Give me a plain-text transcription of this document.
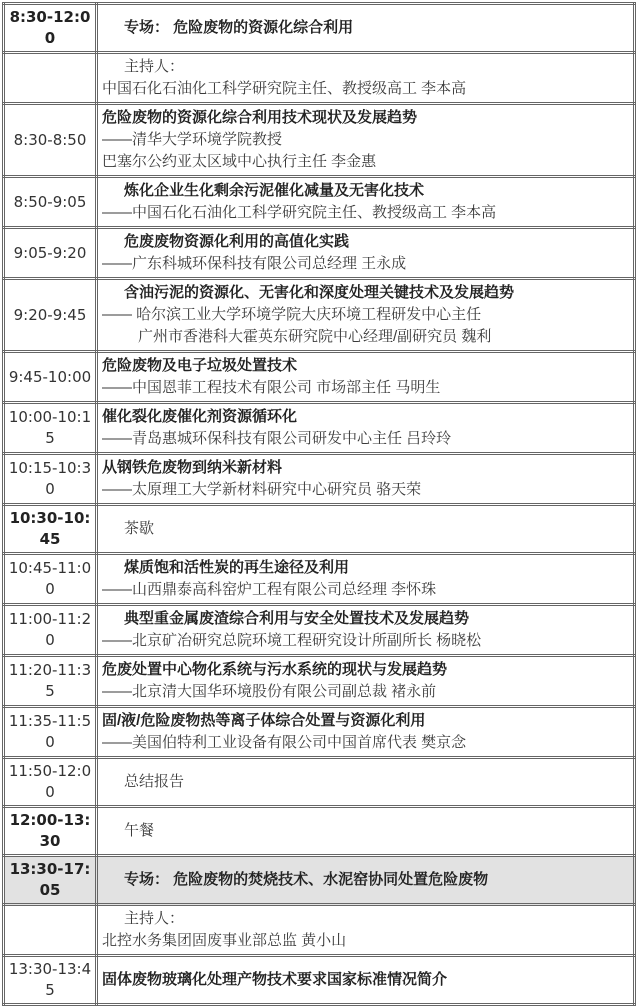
8:30-12:00	专场： 危险废物的资源化综合利用

	主持人：
中国石化石油化工科学研究院主任、教授级高工 李本高

8:30-8:50	危险废物的资源化综合利用技术现状及发展趋势
——清华大学环境学院教授
巴塞尔公约亚太区域中心执行主任 李金惠

8:50-9:05	炼化企业生化剩余污泥催化减量及无害化技术
——中国石化石油化工科学研究院主任、教授级高工 李本高

9:05-9:20	危废废物资源化利用的高值化实践
——广东科城环保科技有限公司总经理 王永成

9:20-9:45	含油污泥的资源化、无害化和深度处理关键技术及发展趋势
—— 哈尔滨工业大学环境学院大庆环境工程研发中心主任
广州市香港科大霍英东研究院中心经理/副研究员 魏利

9:45-10:00	危险废物及电子垃圾处置技术
——中国恩菲工程技术有限公司 市场部主任 马明生

10:00-10:15	催化裂化废催化剂资源循环化
——青岛惠城环保科技有限公司研发中心主任 吕玲玲

10:15-10:30	从钢铁危废物到纳米新材料
——太原理工大学新材料研究中心研究员 骆天荣

10:30-10:45	茶歇

10:45-11:00	煤质饱和活性炭的再生途径及利用
——山西鼎泰高科窑炉工程有限公司总经理 李怀珠

11:00-11:20	典型重金属废渣综合利用与安全处置技术及发展趋势
——北京矿冶研究总院环境工程研究设计所副所长 杨晓松

11:20-11:35	危废处置中心物化系统与污水系统的现状与发展趋势
——北京清大国华环境股份有限公司副总裁 褚永前

11:35-11:50	固/液/危险废物热等离子体综合处置与资源化利用
——美国伯特利工业设备有限公司中国首席代表 樊京念

11:50-12:00	总结报告

12:00-13:30	午餐

13:30-17:05	专场： 危险废物的焚烧技术、水泥窑协同处置危险废物

	主持人：
北控水务集团固废事业部总监 黄小山

13:30-13:45	固体废物玻璃化处理产物技术要求国家标准情况简介
